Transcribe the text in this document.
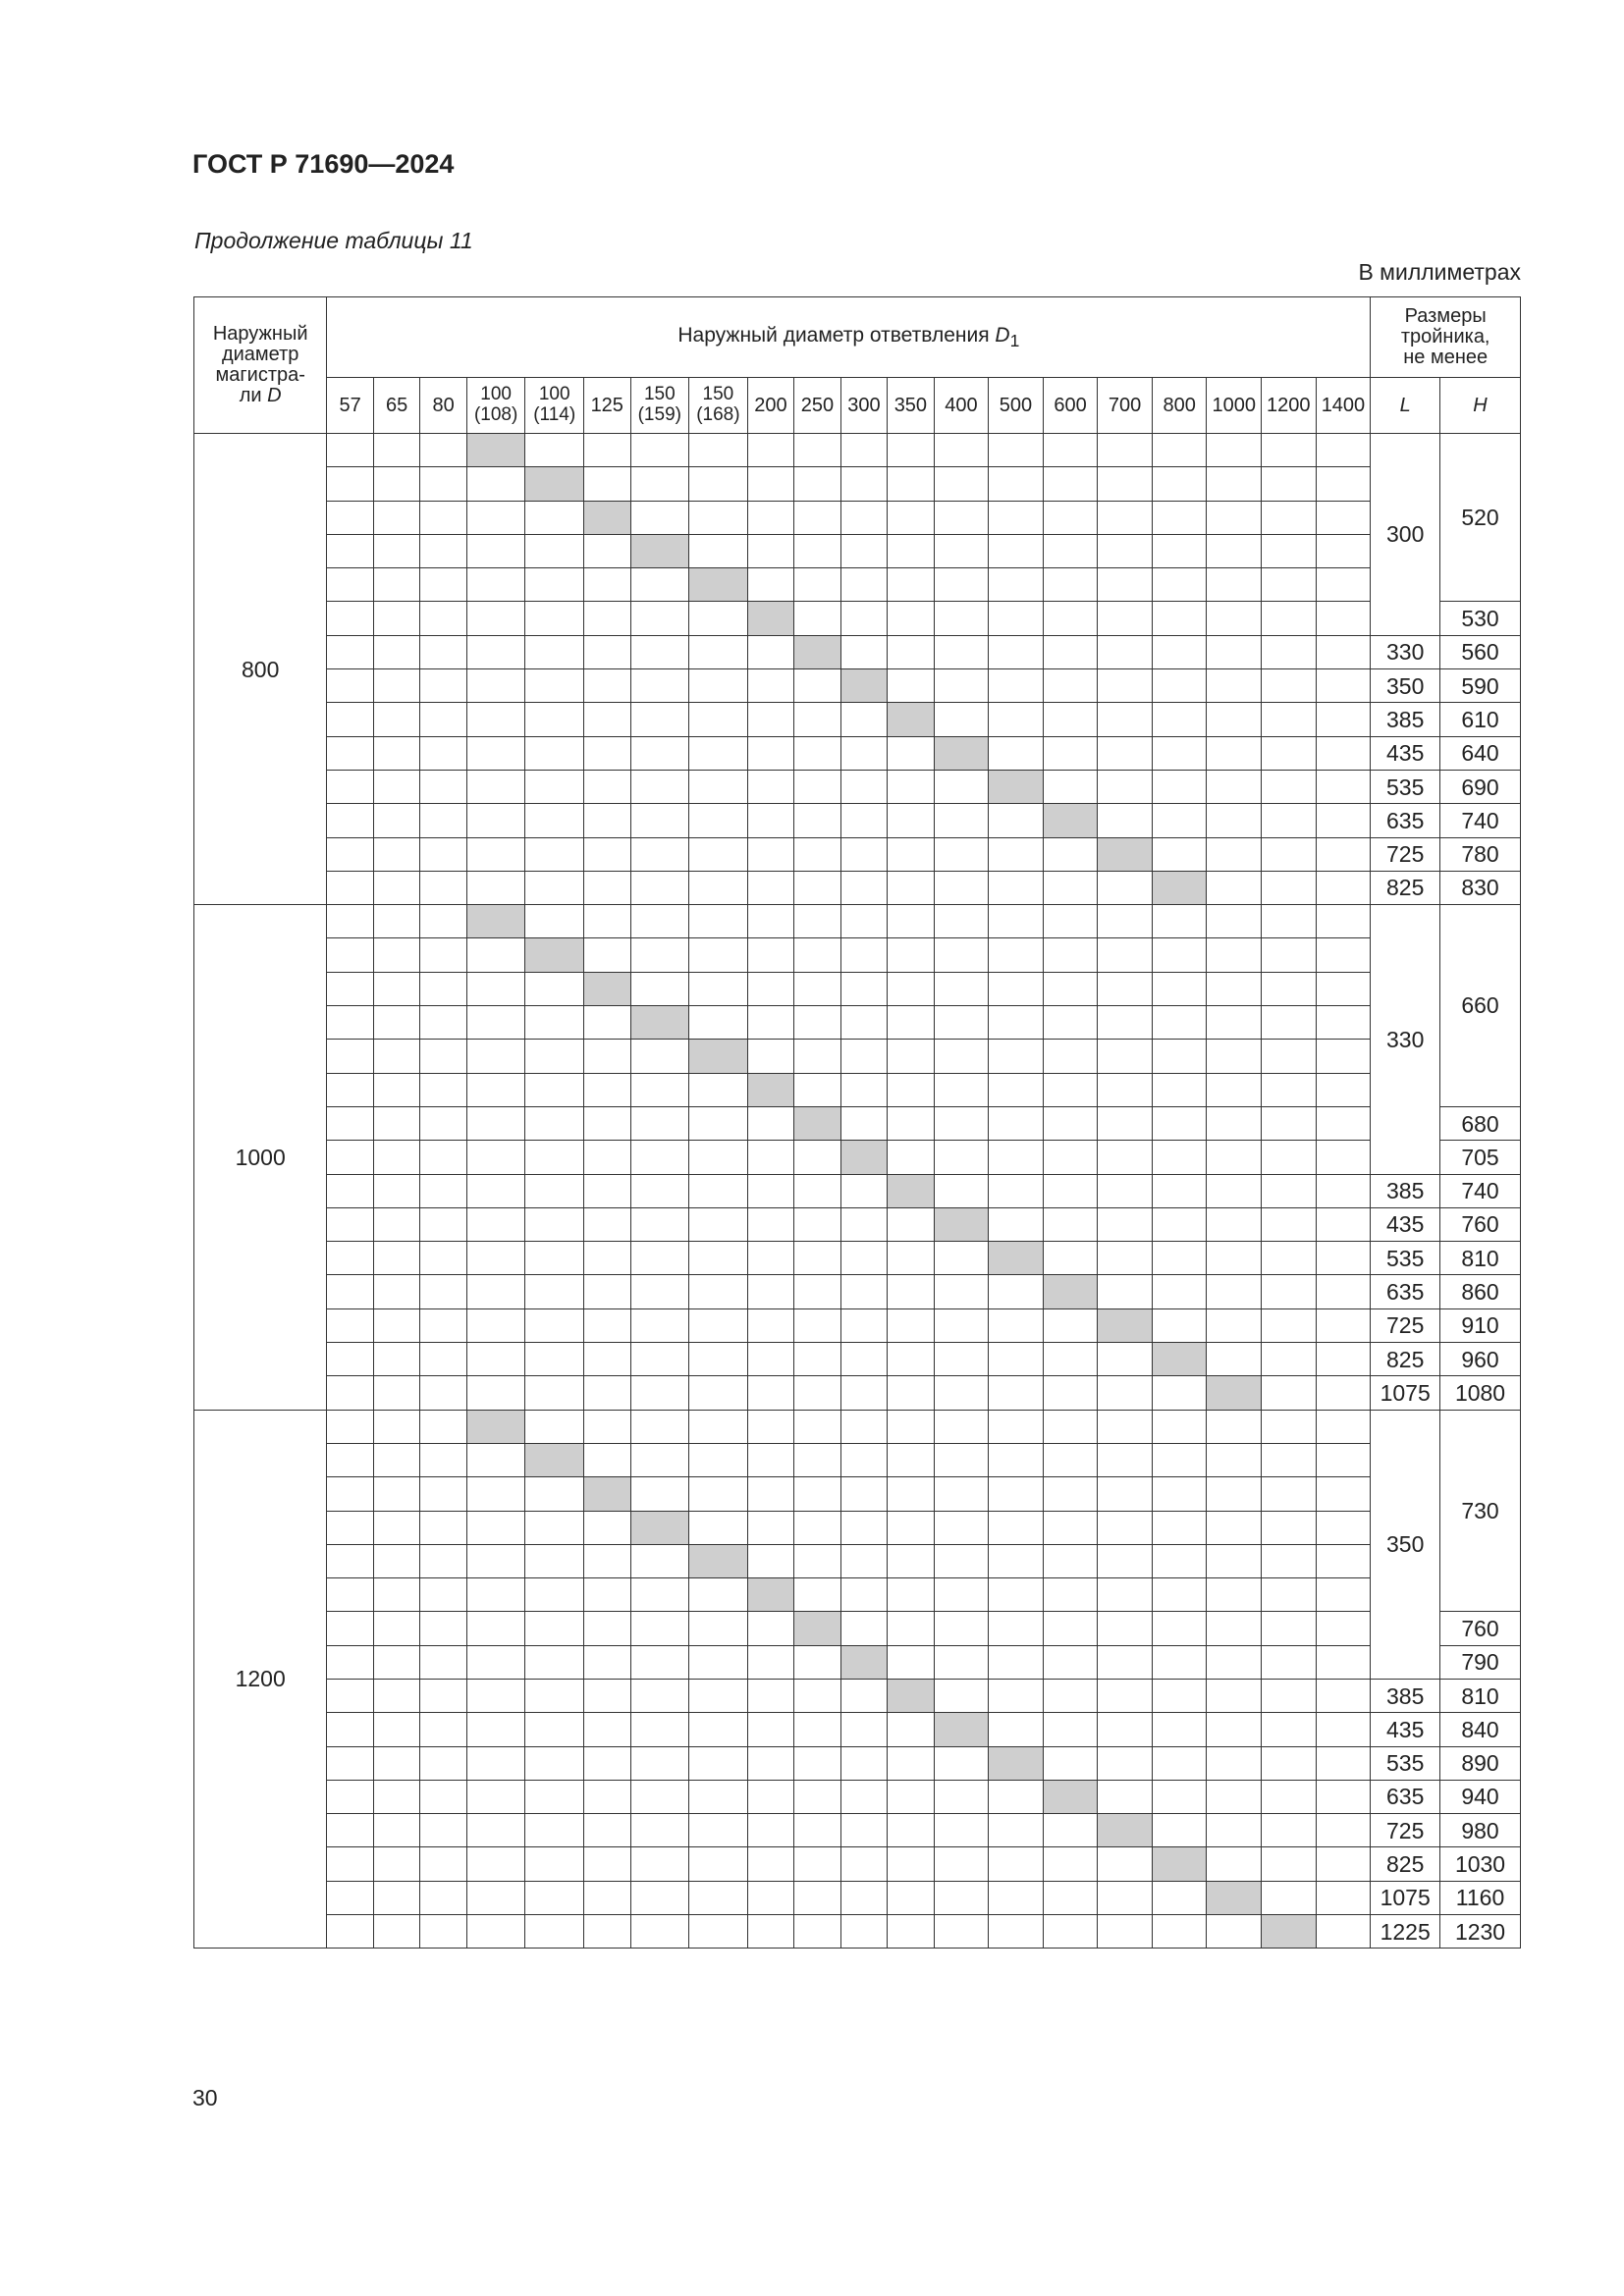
ГОСТ Р 71690—2024
Продолжение таблицы 11
В миллиметрах
Наружный
диаметр
магистра-
ли D	Наружный диаметр ответвления $D_1$																				Размеры
тройника,
не менее	
	57	65	80	100
(108)	100
(114)	125	150
(159)	150
(168)	200	250	300	350	400	500	600	700	800	1000	1200	1400	L	H
800																					300	520

																						530
																					330	560
																					350	590
																					385	610
																					435	640
																					535	690
																					635	740
																					725	780
																					825	830
1000																					330	660

																						680
																						705
																					385	740
																					435	760
																					535	810
																					635	860
																					725	910
																					825	960
																					1075	1080
1200																					350	730

																						760
																						790
																					385	810
																					435	840
																					535	890
																					635	940
																					725	980
																					825	1030
																					1075	1160
																					1225	1230
30
